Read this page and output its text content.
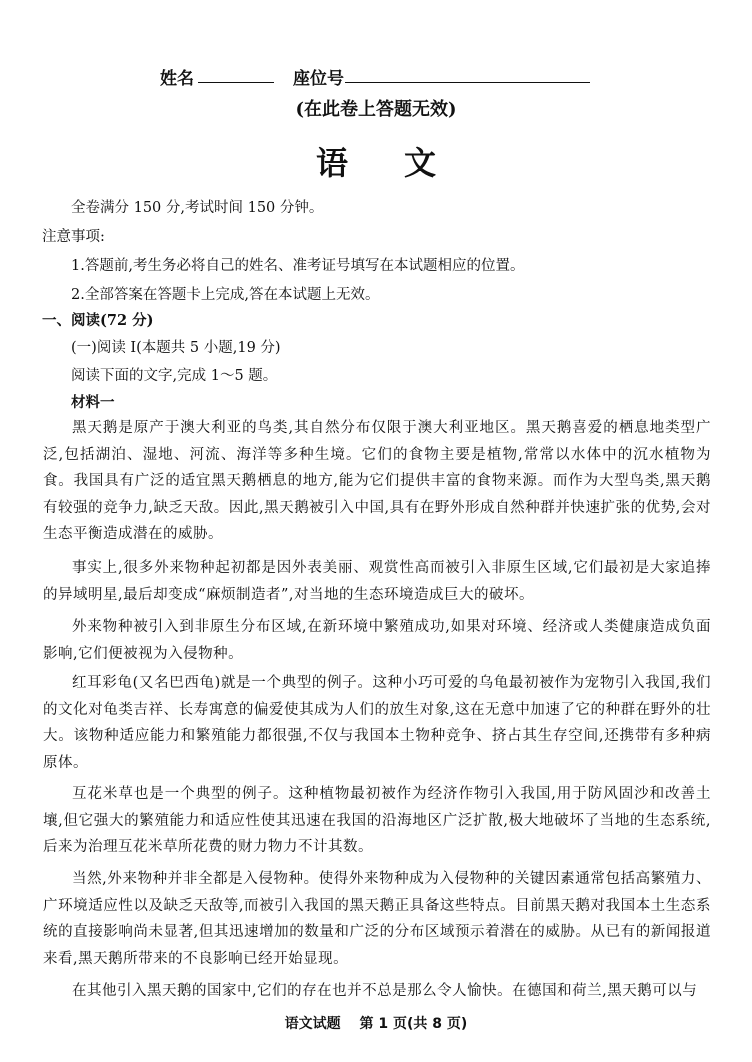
姓名	座位号
(在此卷上答题无效)
语文
全卷满分 150 分,考试时间 150 分钟。
注意事项:
1.答题前,考生务必将自己的姓名、准考证号填写在本试题相应的位置。
2.全部答案在答题卡上完成,答在本试题上无效。
一、阅读(72 分)
(一)阅读 Ⅰ(本题共 5 小题,19 分)
阅读下面的文字,完成 1～5 题。
材料一
黑天鹅是原产于澳大利亚的鸟类,其自然分布仅限于澳大利亚地区。黑天鹅喜爱的栖息地类型广泛,包括湖泊、湿地、河流、海洋等多种生境。它们的食物主要是植物,常常以水体中的沉水植物为食。我国具有广泛的适宜黑天鹅栖息的地方,能为它们提供丰富的食物来源。而作为大型鸟类,黑天鹅有较强的竞争力,缺乏天敌。因此,黑天鹅被引入中国,具有在野外形成自然种群并快速扩张的优势,会对生态平衡造成潜在的威胁。
事实上,很多外来物种起初都是因外表美丽、观赏性高而被引入非原生区域,它们最初是大家追捧的异域明星,最后却变成“麻烦制造者”,对当地的生态环境造成巨大的破坏。
外来物种被引入到非原生分布区域,在新环境中繁殖成功,如果对环境、经济或人类健康造成负面影响,它们便被视为入侵物种。
红耳彩龟(又名巴西龟)就是一个典型的例子。这种小巧可爱的乌龟最初被作为宠物引入我国,我们的文化对龟类吉祥、长寿寓意的偏爱使其成为人们的放生对象,这在无意中加速了它的种群在野外的壮大。该物种适应能力和繁殖能力都很强,不仅与我国本土物种竞争、挤占其生存空间,还携带有多种病原体。
互花米草也是一个典型的例子。这种植物最初被作为经济作物引入我国,用于防风固沙和改善土壤,但它强大的繁殖能力和适应性使其迅速在我国的沿海地区广泛扩散,极大地破坏了当地的生态系统,后来为治理互花米草所花费的财力物力不计其数。
当然,外来物种并非全都是入侵物种。使得外来物种成为入侵物种的关键因素通常包括高繁殖力、广环境适应性以及缺乏天敌等,而被引入我国的黑天鹅正具备这些特点。目前黑天鹅对我国本土生态系统的直接影响尚未显著,但其迅速增加的数量和广泛的分布区域预示着潜在的威胁。从已有的新闻报道来看,黑天鹅所带来的不良影响已经开始显现。
在其他引入黑天鹅的国家中,它们的存在也并不总是那么令人愉快。在德国和荷兰,黑天鹅可以与
语文试题 第 1 页(共 8 页)
